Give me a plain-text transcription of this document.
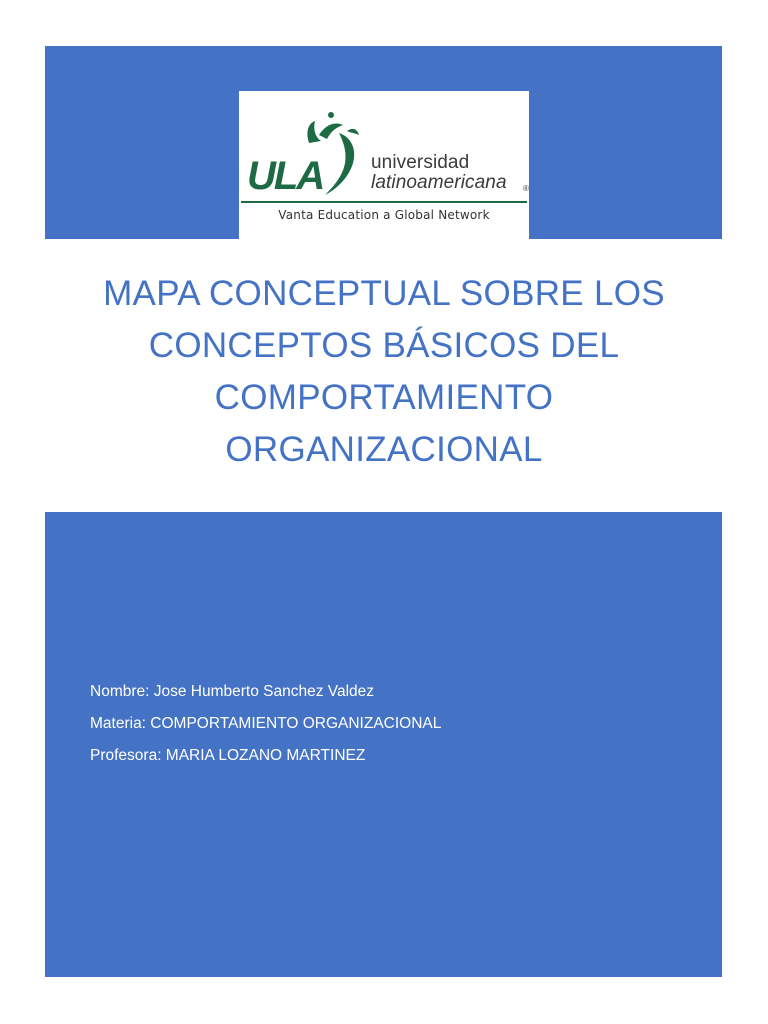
ULA	universidad
latinoamericana ®
Vanta Education a Global Network
MAPA CONCEPTUAL SOBRE LOS
CONCEPTOS BÁSICOS DEL
COMPORTAMIENTO
ORGANIZACIONAL
Nombre: Jose Humberto Sanchez Valdez
Materia: COMPORTAMIENTO ORGANIZACIONAL
Profesora: MARIA LOZANO MARTINEZ
